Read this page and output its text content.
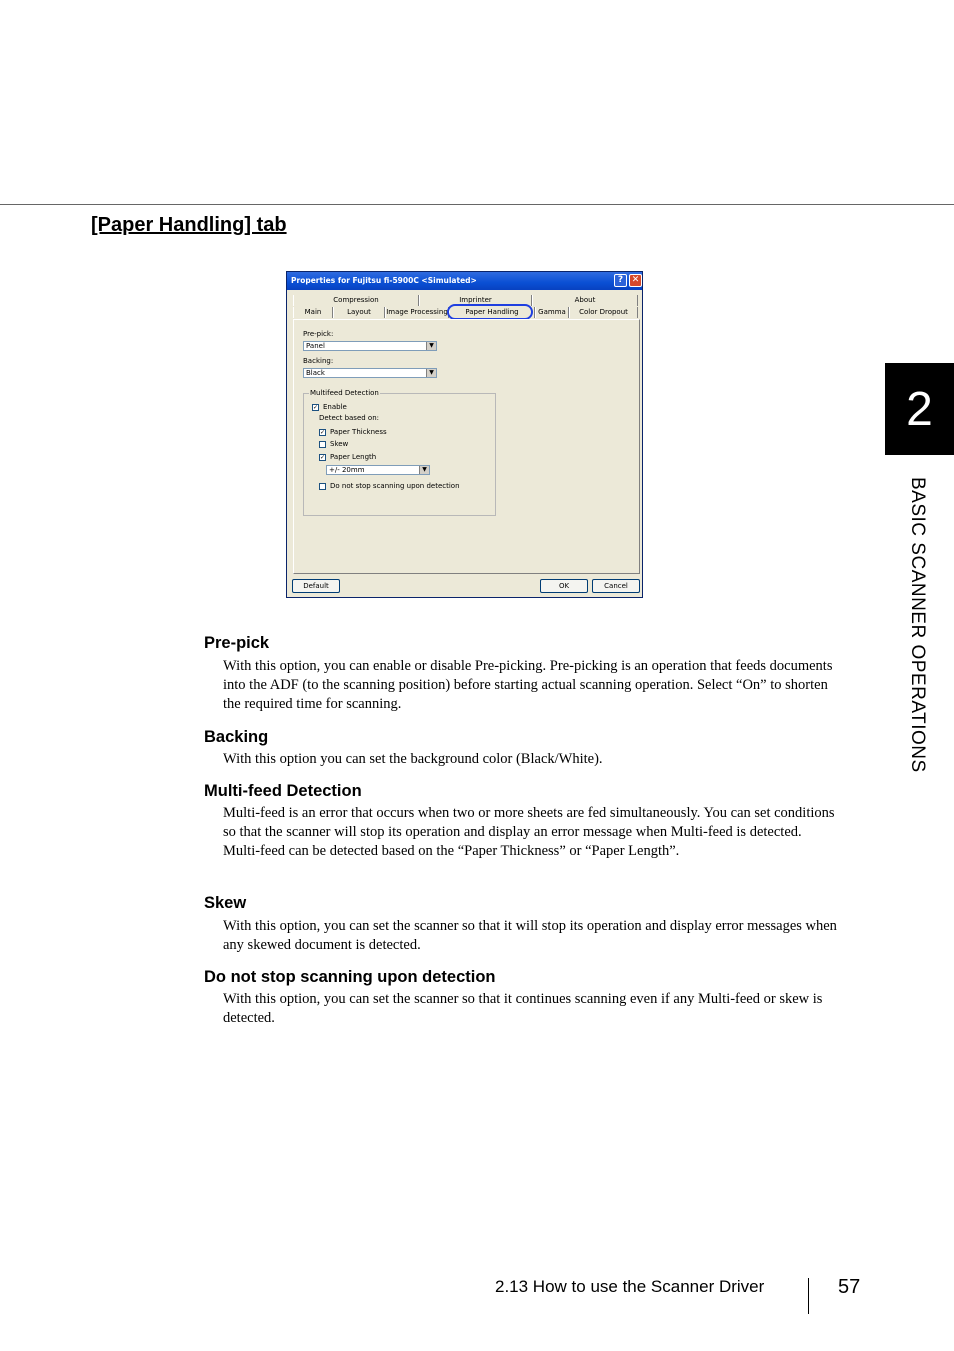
[Paper Handling] tab
2
BASIC SCANNER OPERATIONS
Properties for Fujitsu fi-5900C <Simulated>	? ✕
Compression	Imprinter	About
Main	Layout	Image Processing	Paper Handling	Gamma	Color Dropout
Pre-pick:
Panel	▼
Backing:
Black	▼
Multifeed Detection
✓ Enable
Detect based on:
✓ Paper Thickness
Skew
✓ Paper Length
+/- 20mm	▼
Do not stop scanning upon detection
Default	OK	Cancel
Pre-pick

With this option, you can enable or disable Pre-picking. Pre-picking is an operation that feeds documents into the ADF (to the scanning position) before starting actual scanning operation. Select “On” to shorten the required time for scanning.

Backing

With this option you can set the background color (Black/White).

Multi-feed Detection

Multi-feed is an error that occurs when two or more sheets are fed simultaneously. You can set conditions so that the scanner will stop its operation and display an error message when Multi-feed is detected.

Multi-feed can be detected based on the “Paper Thickness” or “Paper Length”.

Skew

With this option, you can set the scanner so that it will stop its operation and display error messages when any skewed document is detected.

Do not stop scanning upon detection

With this option, you can set the scanner so that it continues scanning even if any Multi-feed or skew is detected.

2.13 How to use the Scanner Driver	57
